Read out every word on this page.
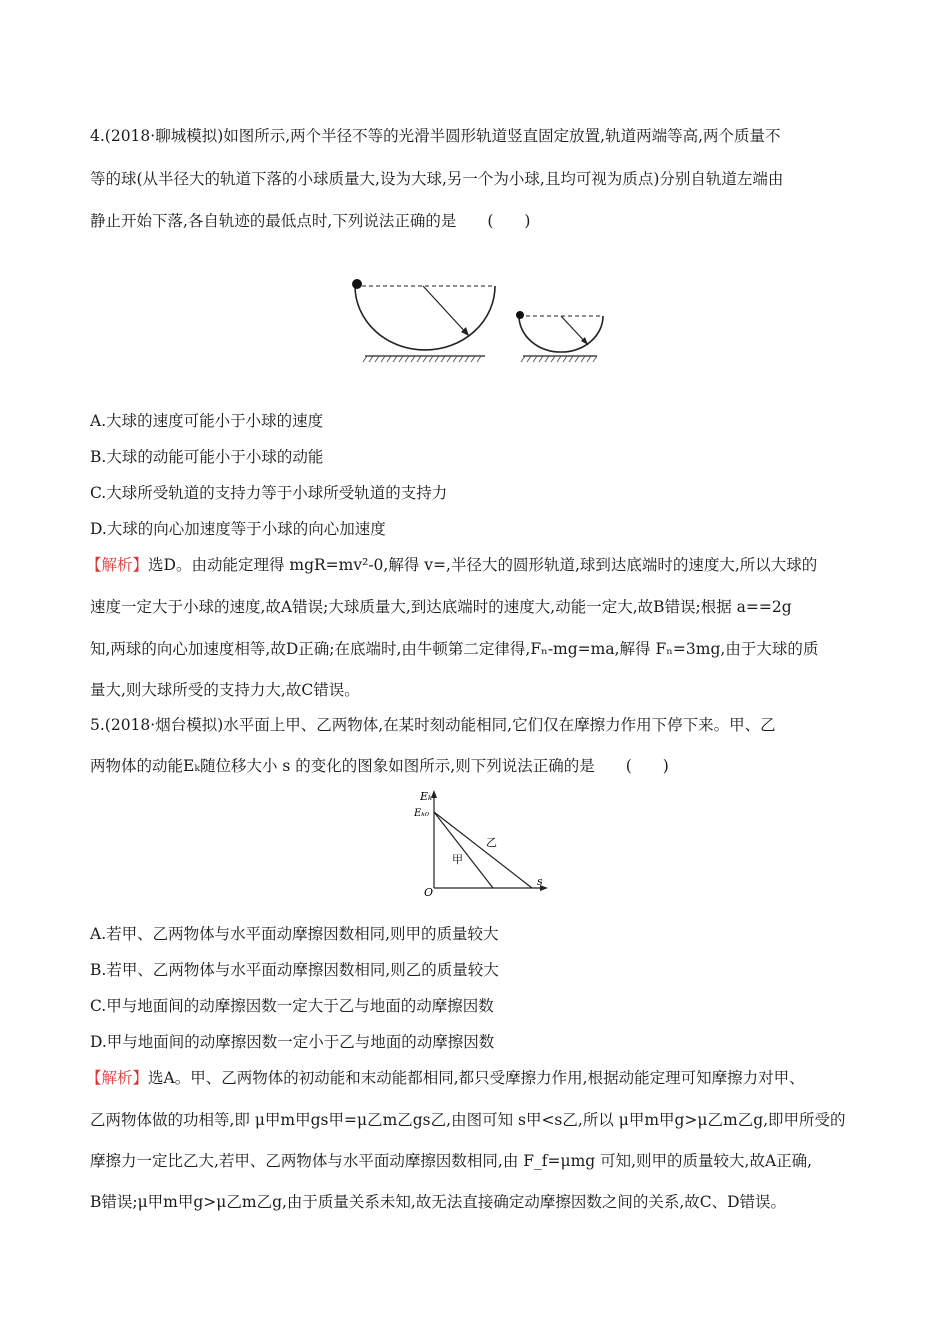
4.(2018·聊城模拟)如图所示,两个半径不等的光滑半圆形轨道竖直固定放置,轨道两端等高,两个质量不
等的球(从半径大的轨道下落的小球质量大,设为大球,另一个为小球,且均可视为质点)分别自轨道左端由
静止开始下落,各自轨迹的最低点时,下列说法正确的是　　(　　)
A.大球的速度可能小于小球的速度
B.大球的动能可能小于小球的动能
C.大球所受轨道的支持力等于小球所受轨道的支持力
D.大球的向心加速度等于小球的向心加速度
【解析】选D。由动能定理得 mgR=mv²-0,解得 v=,半径大的圆形轨道,球到达底端时的速度大,所以大球的
速度一定大于小球的速度,故A错误;大球质量大,到达底端时的速度大,动能一定大,故B错误;根据 a==2g
知,两球的向心加速度相等,故D正确;在底端时,由牛顿第二定律得,Fₙ-mg=ma,解得 Fₙ=3mg,由于大球的质
量大,则大球所受的支持力大,故C错误。
5.(2018·烟台模拟)水平面上甲、乙两物体,在某时刻动能相同,它们仅在摩擦力作用下停下来。甲、乙
两物体的动能Eₖ随位移大小 s 的变化的图象如图所示,则下列说法正确的是　　(　　)
Eₖ
Eₖ₀
O
s
甲
乙
A.若甲、乙两物体与水平面动摩擦因数相同,则甲的质量较大
B.若甲、乙两物体与水平面动摩擦因数相同,则乙的质量较大
C.甲与地面间的动摩擦因数一定大于乙与地面的动摩擦因数
D.甲与地面间的动摩擦因数一定小于乙与地面的动摩擦因数
【解析】选A。甲、乙两物体的初动能和末动能都相同,都只受摩擦力作用,根据动能定理可知摩擦力对甲、
乙两物体做的功相等,即 μ甲m甲gs甲=μ乙m乙gs乙,由图可知 s甲<s乙,所以 μ甲m甲g>μ乙m乙g,即甲所受的
摩擦力一定比乙大,若甲、乙两物体与水平面动摩擦因数相同,由 F_f=μmg 可知,则甲的质量较大,故A正确,
B错误;μ甲m甲g>μ乙m乙g,由于质量关系未知,故无法直接确定动摩擦因数之间的关系,故C、D错误。
